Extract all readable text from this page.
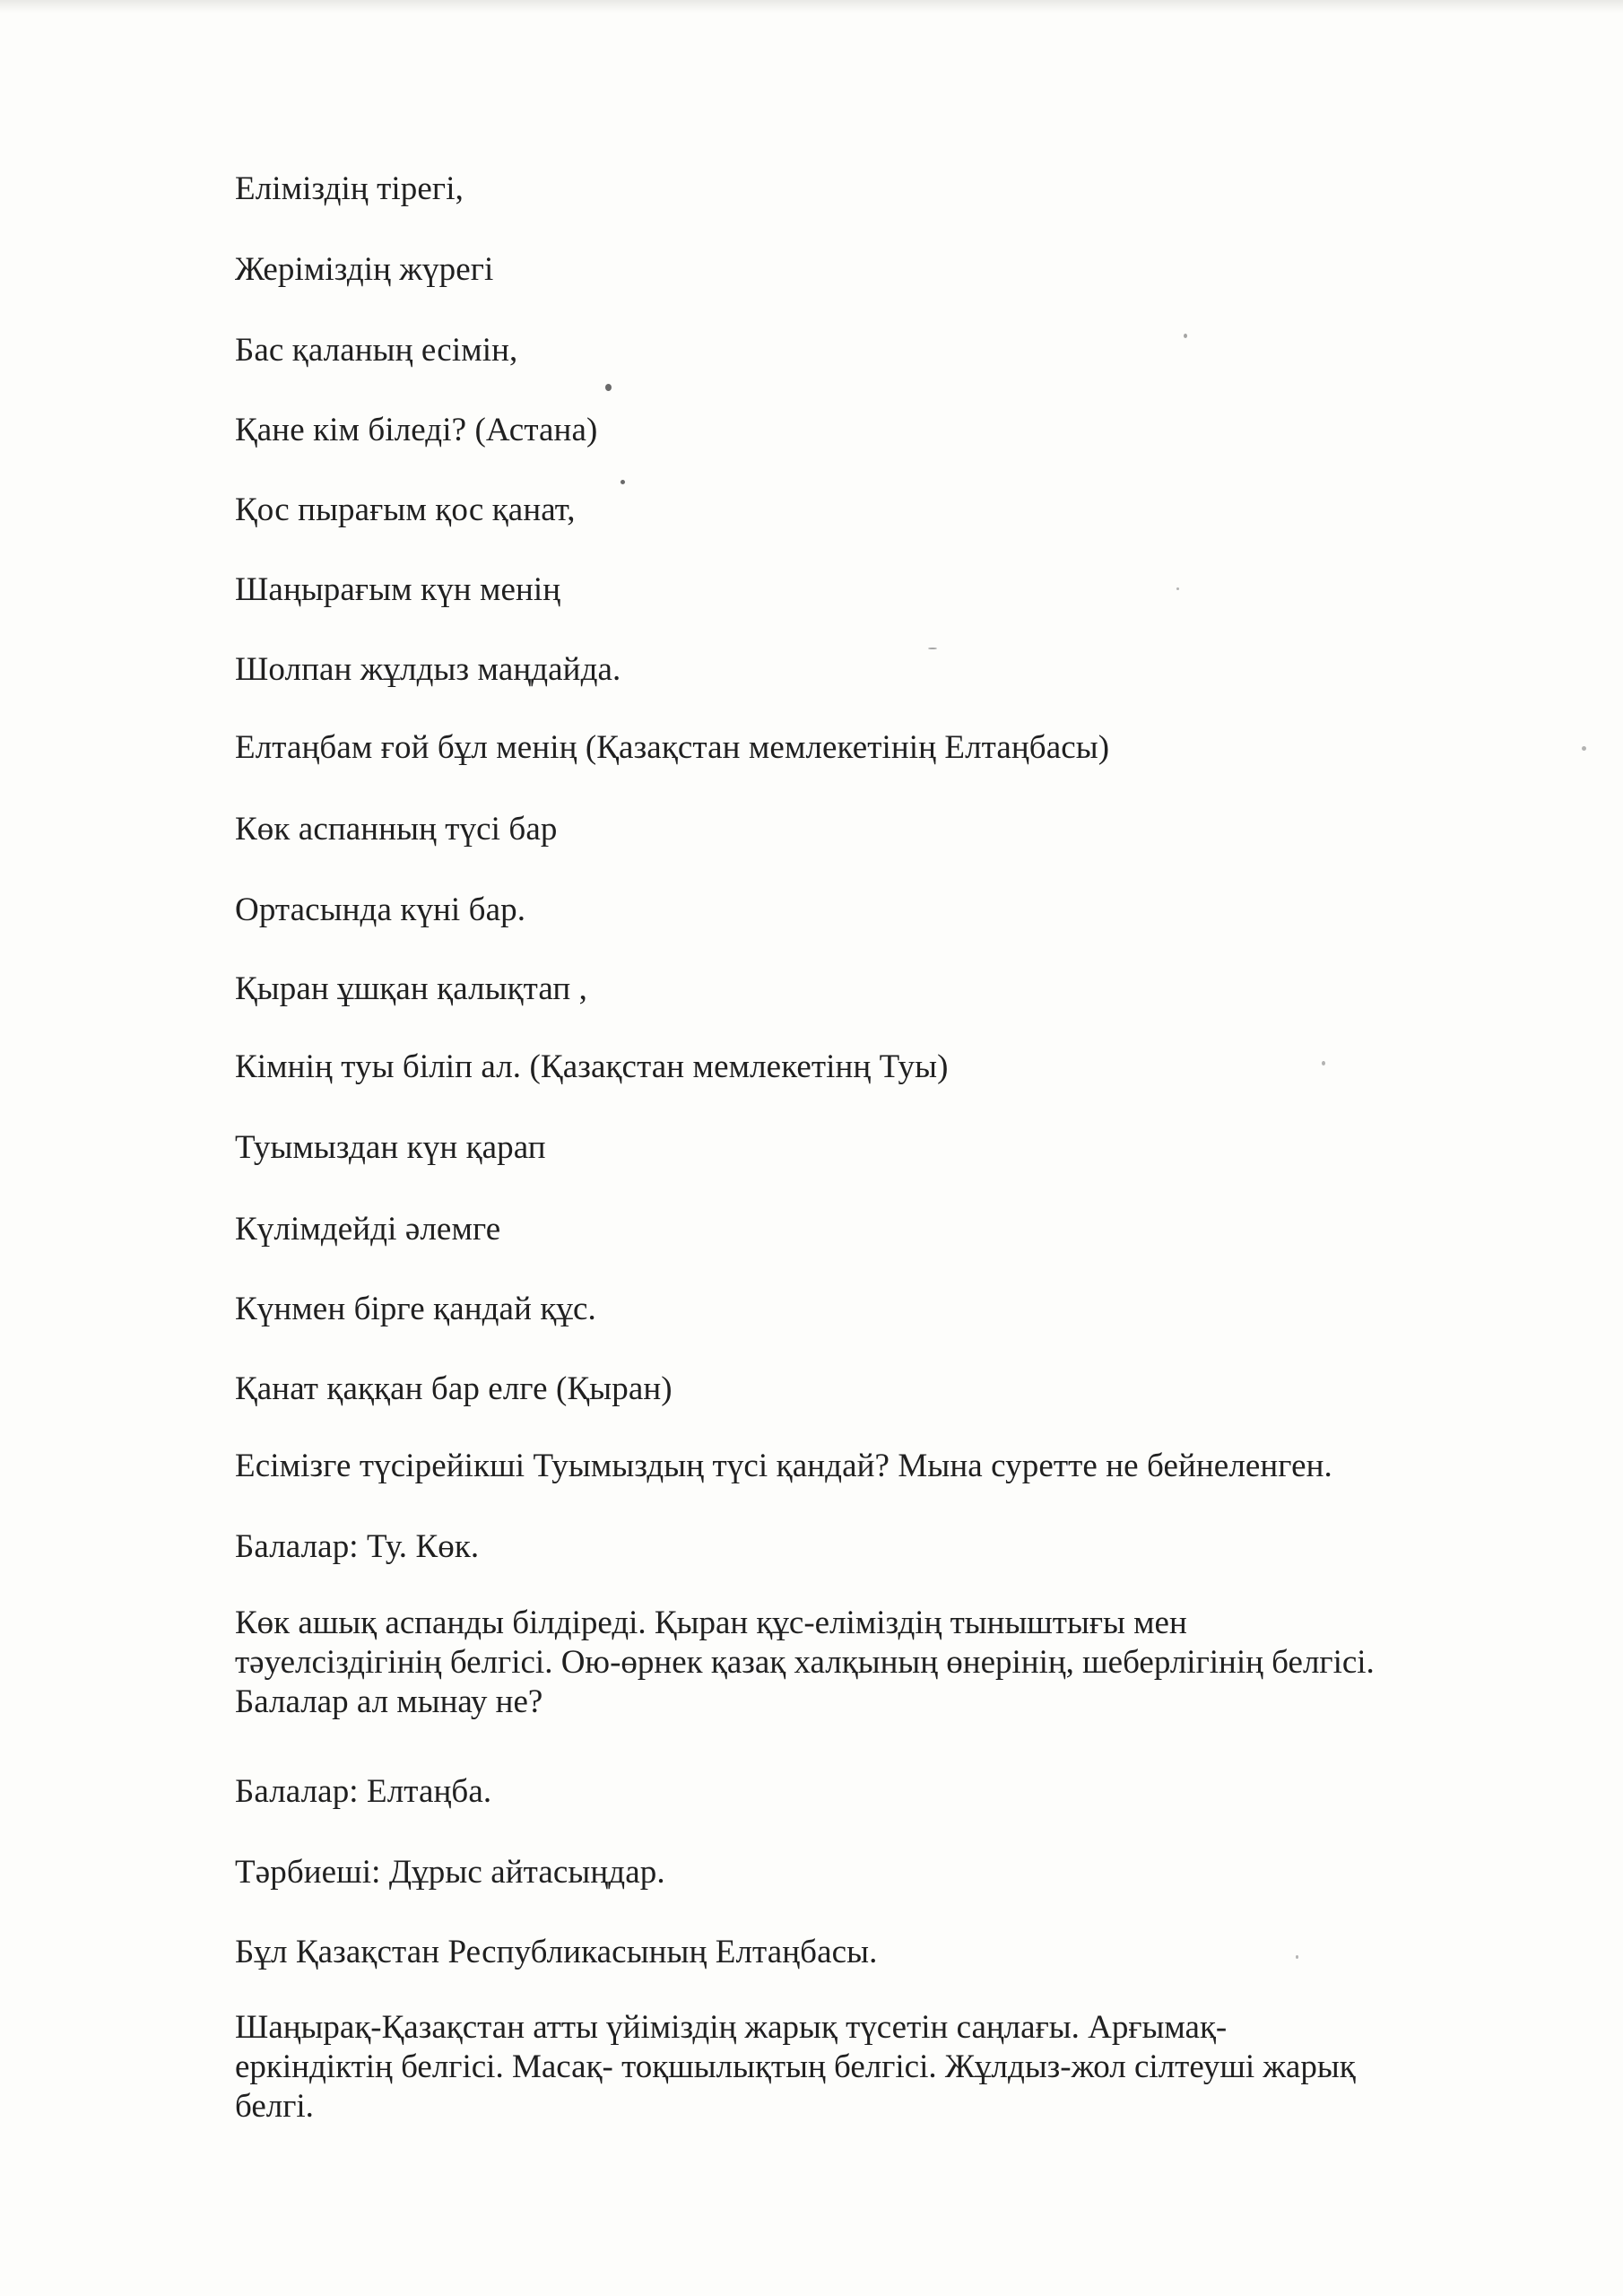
Еліміздің тірегі,

Жеріміздің жүрегі

Бас қаланың есімін,

Қане кім біледі? (Астана)

Қос пырағым қос қанат,

Шаңырағым күн менің

Шолпан жұлдыз маңдайда.

Елтаңбам ғой бұл менің (Қазақстан мемлекетінің Елтаңбасы)

Көк аспанның түсі бар

Ортасында күні бар.

Қыран ұшқан қалықтап ,

Кімнің туы біліп ал. (Қазақстан мемлекетінң Туы)

Туымыздан күн қарап

Күлімдейді әлемге

Күнмен бірге қандай құс.

Қанат қаққан бар елге (Қыран)

Есімізге түсірейікші Туымыздың түсі қандай? Мына суретте не бейнеленген.

Балалар: Ту. Көк.

Көк ашық аспанды білдіреді. Қыран құс-еліміздің тыныштығы мен
тәуелсіздігінің белгісі. Ою-өрнек қазақ халқының өнерінің, шеберлігінің белгісі.
Балалар ал мынау не?

Балалар: Елтаңба.

Тәрбиеші: Дұрыс айтасыңдар.

Бұл Қазақстан Республикасының Елтаңбасы.

Шаңырақ-Қазақстан атты үйіміздің жарық түсетін саңлағы. Арғымақ-
еркіндіктің белгісі. Масақ- тоқшылықтың белгісі. Жұлдыз-жол сілтеуші жарық
белгі.
